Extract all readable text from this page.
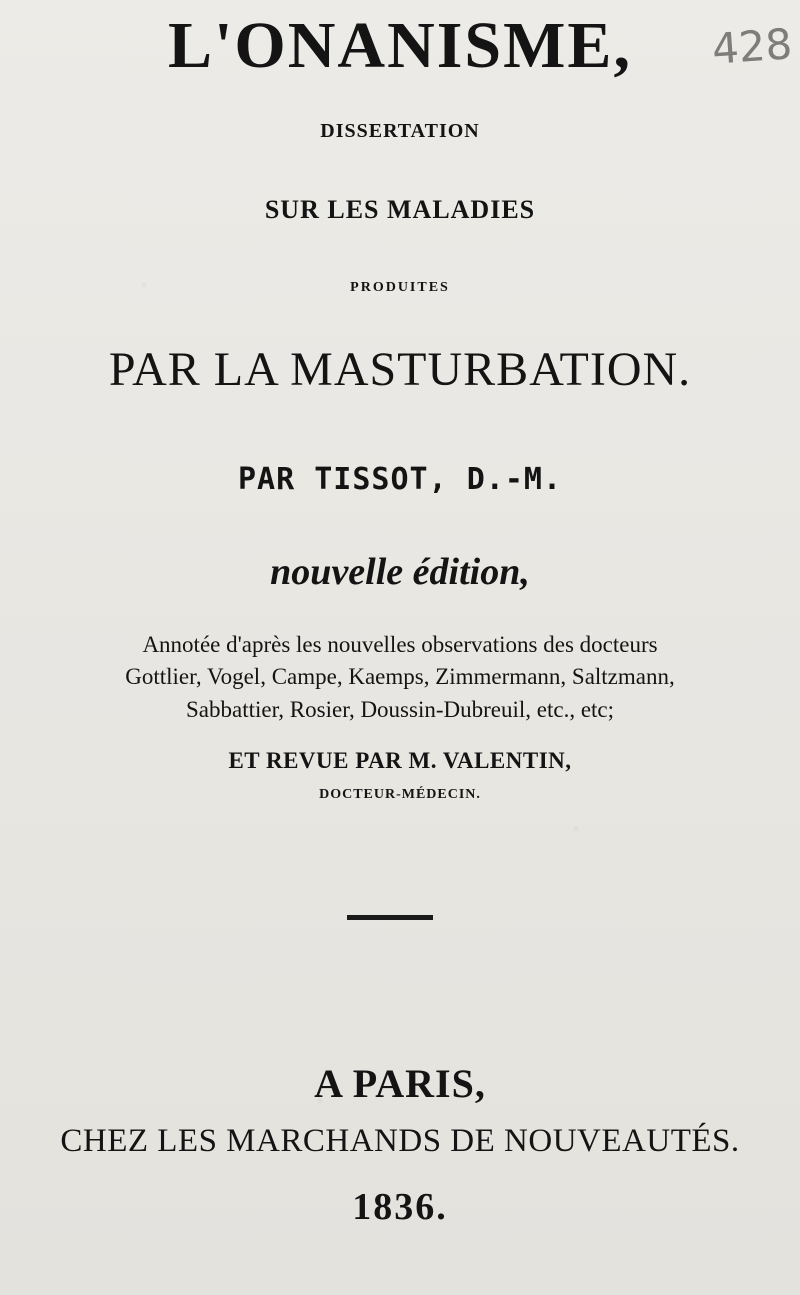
L'ONANISME,	428
DISSERTATION
SUR LES MALADIES
PRODUITES
PAR LA MASTURBATION.
PAR TISSOT, D.-M.
nouvelle édition,
Annotée d'après les nouvelles observations des docteurs
Gottlier, Vogel, Campe, Kaemps, Zimmermann, Saltzmann,
Sabbattier, Rosier, Doussin-Dubreuil, etc., etc;
ET REVUE PAR M. VALENTIN,
DOCTEUR-MÉDECIN.
A PARIS,
CHEZ LES MARCHANDS DE NOUVEAUTÉS.
1836.
